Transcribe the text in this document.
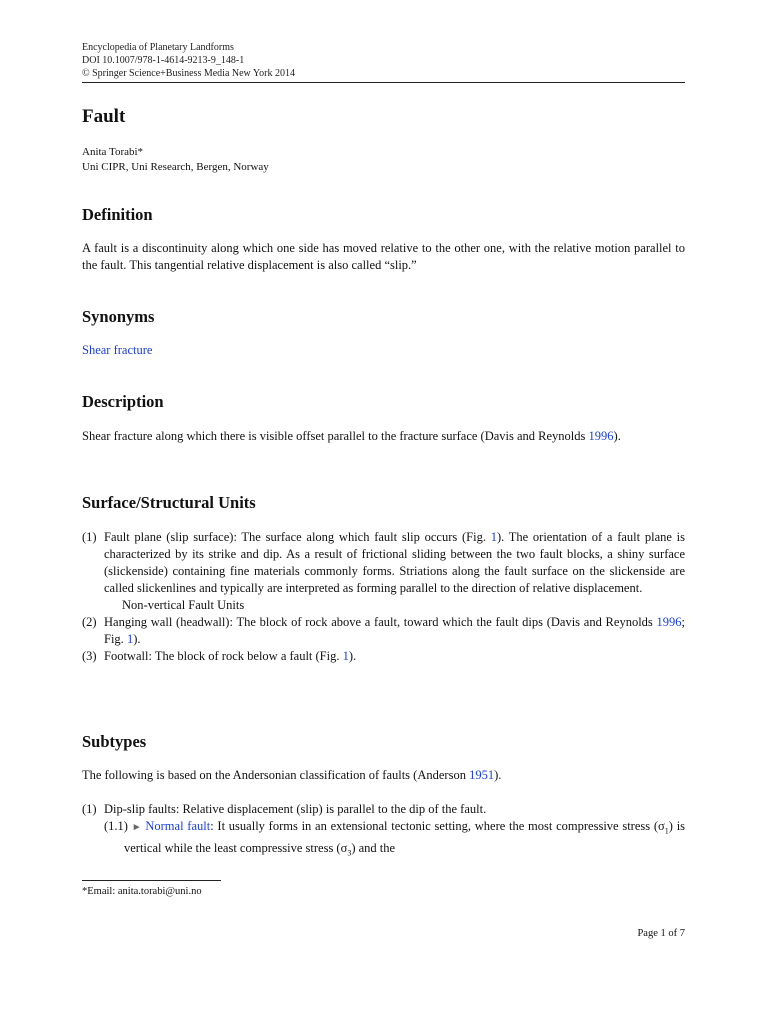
Encyclopedia of Planetary Landforms
DOI 10.1007/978-1-4614-9213-9_148-1
© Springer Science+Business Media New York 2014
Fault
Anita Torabi*
Uni CIPR, Uni Research, Bergen, Norway
Definition
A fault is a discontinuity along which one side has moved relative to the other one, with the relative motion parallel to the fault. This tangential relative displacement is also called “slip.”
Synonyms
Shear fracture
Description
Shear fracture along which there is visible offset parallel to the fracture surface (Davis and Reynolds 1996).
Surface/Structural Units
(1) Fault plane (slip surface): The surface along which fault slip occurs (Fig. 1). The orientation of a fault plane is characterized by its strike and dip. As a result of frictional sliding between the two fault blocks, a shiny surface (slickenside) containing fine materials commonly forms. Striations along the fault surface on the slickenside are called slickenlines and typically are interpreted as forming parallel to the direction of relative displacement.
Non-vertical Fault Units
(2) Hanging wall (headwall): The block of rock above a fault, toward which the fault dips (Davis and Reynolds 1996; Fig. 1).
(3) Footwall: The block of rock below a fault (Fig. 1).
Subtypes
The following is based on the Andersonian classification of faults (Anderson 1951).
(1) Dip-slip faults: Relative displacement (slip) is parallel to the dip of the fault.
(1.1) ► Normal fault: It usually forms in an extensional tectonic setting, where the most compressive stress $(\sigma_1)$ is vertical while the least compressive stress $(\sigma_3)$ and the
*Email: anita.torabi@uni.no
Page 1 of 7
